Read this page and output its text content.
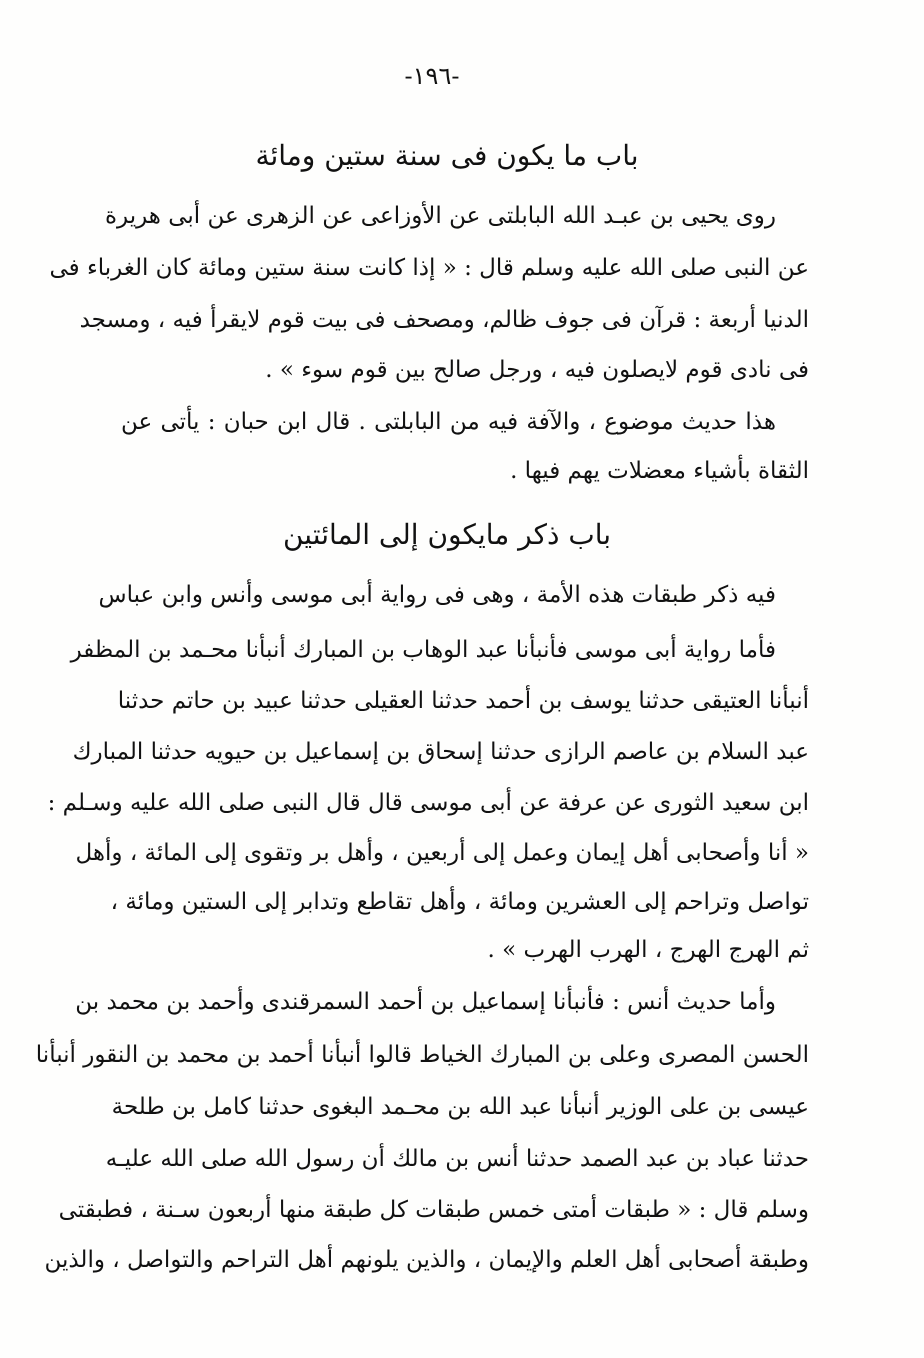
-١٩٦-
باب ما يكون فى سنة ستين ومائة
روى يحيى بن عبـد الله البابلتى عن الأوزاعى عن الزهرى عن أبى هريرة
عن النبى صلى الله عليه وسلم قال : « إذا كانت سنة ستين ومائة كان الغرباء فى
الدنيا أربعة : قرآن فى جوف ظالم، ومصحف فى بيت قوم لايقرأ فيه ، ومسجد
فى نادى قوم لايصلون فيه ، ورجل صالح بين قوم سوء » .
هذا حديث موضوع ، والآفة فيه من البابلتى . قال ابن حبان : يأتى عن
الثقاة بأشياء معضلات يهم فيها .
باب ذكر مايكون إلى المائتين
فيه ذكر طبقات هذه الأمة ، وهى فى رواية أبى موسى وأنس وابن عباس
فأما رواية أبى موسى فأنبأنا عبد الوهاب بن المبارك أنبأنا محـمد بن المظفر
أنبأنا العتيقى حدثنا يوسف بن أحمد حدثنا العقيلى حدثنا عبيد بن حاتم حدثنا
عبد السلام بن عاصم الرازى حدثنا إسحاق بن إسماعيل بن حيويه حدثنا المبارك
ابن سعيد الثورى عن عرفة عن أبى موسى قال قال النبى صلى الله عليه وسـلم :
« أنا وأصحابى أهل إيمان وعمل إلى أربعين ، وأهل بر وتقوى إلى المائة ، وأهل
تواصل وتراحم إلى العشرين ومائة ، وأهل تقاطع وتدابر إلى الستين ومائة ،
ثم الهرج الهرج ، الهرب الهرب » .
وأما حديث أنس : فأنبأنا إسماعيل بن أحمد السمرقندى وأحمد بن محمد بن
الحسن المصرى وعلى بن المبارك الخياط قالوا أنبأنا أحمد بن محمد بن النقور أنبأنا
عيسى بن على الوزير أنبأنا عبد الله بن محـمد البغوى حدثنا كامل بن طلحة
حدثنا عباد بن عبد الصمد حدثنا أنس بن مالك أن رسول الله صلى الله عليـه
وسلم قال : « طبقات أمتى خمس طبقات كل طبقة منها أربعون سـنة ، فطبقتى
وطبقة أصحابى أهل العلم والإيمان ، والذين يلونهم أهل التراحم والتواصل ، والذين
